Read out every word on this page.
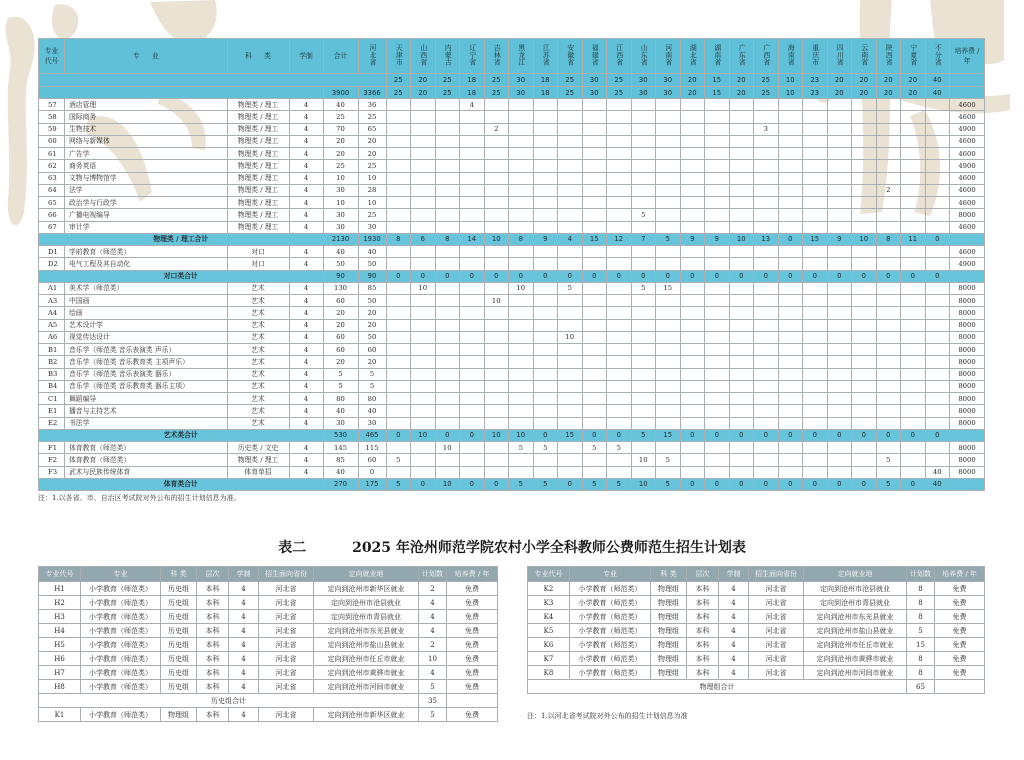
专业代号	专 业	科 类	学制	合计	河北省	天津市	山西省	内蒙古	辽宁省	吉林省	黑龙江	江苏省	安徽省	福建省	江西省	山东省	河南省	湖北省	湖南省	广东省	广西省	海南省	重庆市	四川省	云南省	陕西省	宁夏省	不分省	培养费 / 年
						25	20	25	18	25	30	18	25	30	25	30	30	20	15	20	25	10	23	20	20	20	20	40	
				3900	3366	25	20	25	18	25	30	18	25	30	25	30	30	20	15	20	25	10	23	20	20	20	20	40	
57	酒店管理	物理类 / 理工	4	40	36				4																				4600
58	国际商务	物理类 / 理工	4	25	25																								4600
59	生物技术	物理类 / 理工	4	70	65					2											3								4900
60	网络与新媒体	物理类 / 理工	4	20	20																								4600
61	广告学	物理类 / 理工	4	20	20																								4600
62	商务英语	物理类 / 理工	4	25	25																								4900
63	文物与博物馆学	物理类 / 理工	4	10	10																								4600
64	法学	物理类 / 理工	4	30	28																					2			4600
65	政治学与行政学	物理类 / 理工	4	10	10																								4600
66	广播电视编导	物理类 / 理工	4	30	25											5													8000
67	审计学	物理类 / 理工	4	30	30																								4600
物理类 / 理工合计				2130	1930	8	6	8	14	10	8	9	4	15	12	7	5	9	9	10	13	0	15	9	10	8	11	0	
D1	学前教育（师范类）	对口	4	40	40																								4600
D2	电气工程及其自动化	对口	4	50	50																								4900
对口类合计				90	90	0	0	0	0	0	0	0	0	0	0	0	0	0	0	0	0	0	0	0	0	0	0	0	
A1	美术学（师范类）	艺术	4	130	85		10				10		5			5	15												8000
A3	中国画	艺术	4	60	50					10																			8000
A4	绘画	艺术	4	20	20																								8000
A5	艺术设计学	艺术	4	20	20																								8000
A6	视觉传达设计	艺术	4	60	50								10																8000
B1	音乐学（师范类 音乐表演类 声乐）	艺术	4	60	60																								8000
B2	音乐学（师范类 音乐教育类 主项声乐）	艺术	4	20	20																								8000
B3	音乐学（师范类 音乐表演类 器乐）	艺术	4	5	5																								8000
B4	音乐学（师范类 音乐教育类 器乐主项）	艺术	4	5	5																								8000
C1	舞蹈编导	艺术	4	80	80																								8000
E1	播音与主持艺术	艺术	4	40	40																								8000
E2	书法学	艺术	4	30	30																								8000
艺术类合计				530	465	0	10	0	0	10	10	0	15	0	0	5	15	0	0	0	0	0	0	0	0	0	0	0	
F1	体育教育（师范类）	历史类 / 文史	4	145	115			10			5	5		5	5														8000
F2	体育教育（师范类）	物理类 / 理工	4	85	60	5										10	5									5			8000
F3	武术与民族传统体育	体育单招	4	40	0																							40	8000
体育类合计				270	175	5	0	10	0	0	5	5	0	5	5	10	5	0	0	0	0	0	0	0	0	5	0	40	
注：1.以各省、市、自治区考试院对外公布的招生计划信息为准。
表二	2025 年沧州师范学院农村小学全科教师公费师范生招生计划表
专业代号	专业	科 类	层次	学制	招生面向省份	定向就业地	计划数	培养费 / 年
H1	小学教育（师范类）	历史组	本科	4	河北省	定向到沧州市新华区就业	2	免费
H2	小学教育（师范类）	历史组	本科	4	河北省	定向到沧州市沧县就业	4	免费
H3	小学教育（师范类）	历史组	本科	4	河北省	定向到沧州市青县就业	4	免费
H4	小学教育（师范类）	历史组	本科	4	河北省	定向到沧州市东光县就业	4	免费
H5	小学教育（师范类）	历史组	本科	4	河北省	定向到沧州市盐山县就业	2	免费
H6	小学教育（师范类）	历史组	本科	4	河北省	定向到沧州市任丘市就业	10	免费
H7	小学教育（师范类）	历史组	本科	4	河北省	定向到沧州市黄骅市就业	4	免费
H8	小学教育（师范类）	历史组	本科	4	河北省	定向到沧州市河间市就业	5	免费
历史组合计							35	
K1	小学教育（师范类）	物理组	本科	4	河北省	定向到沧州市新华区就业	5	免费
专业代号	专业	科 类	层次	学制	招生面向省份	定向就业地	计划数	培养费 / 年
K2	小学教育（师范类）	物理组	本科	4	河北省	定向到沧州市沧县就业	8	免费
K3	小学教育（师范类）	物理组	本科	4	河北省	定向到沧州市青县就业	8	免费
K4	小学教育（师范类）	物理组	本科	4	河北省	定向到沧州市东光县就业	8	免费
K5	小学教育（师范类）	物理组	本科	4	河北省	定向到沧州市盐山县就业	5	免费
K6	小学教育（师范类）	物理组	本科	4	河北省	定向到沧州市任丘市就业	15	免费
K7	小学教育（师范类）	物理组	本科	4	河北省	定向到沧州市黄骅市就业	8	免费
K8	小学教育（师范类）	物理组	本科	4	河北省	定向到沧州市河间市就业	8	免费
物理组合计							65	
注：1.以河北省考试院对外公布的招生计划信息为准
